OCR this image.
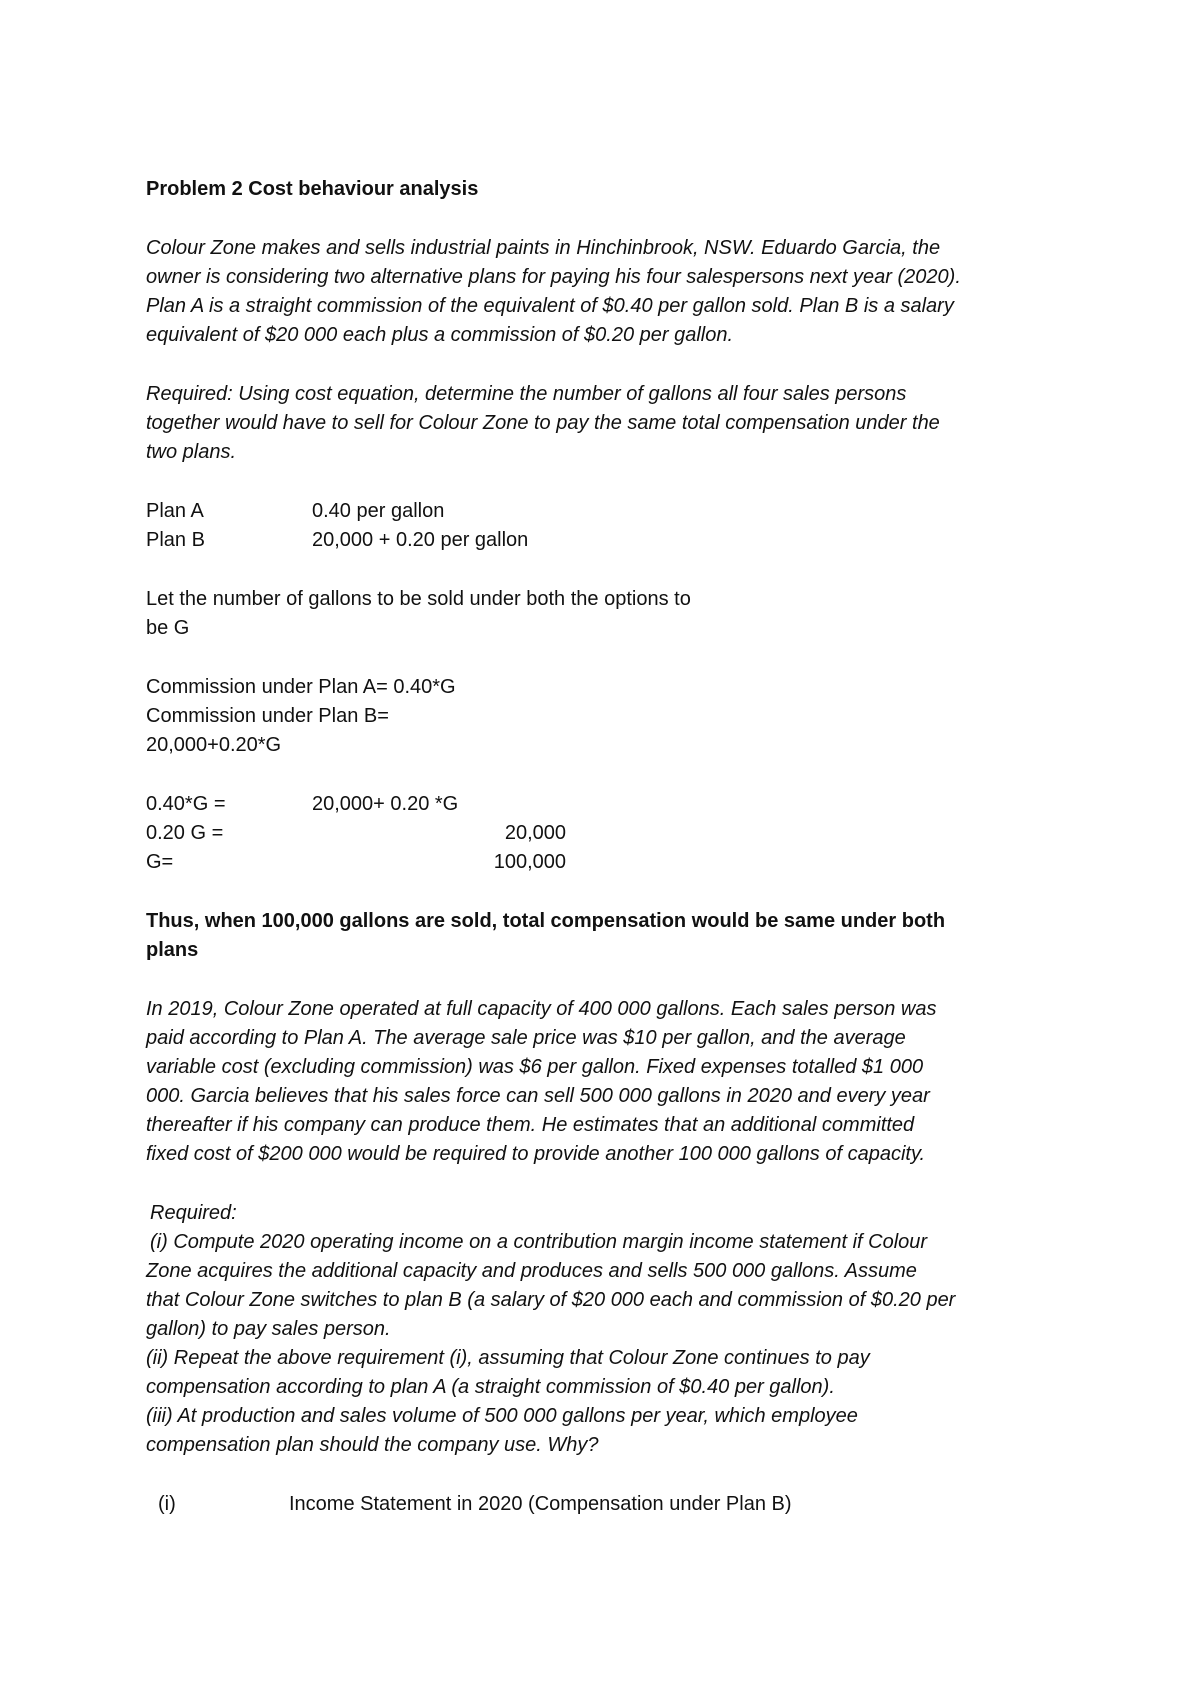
Problem 2 Cost behaviour analysis
Colour Zone makes and sells industrial paints in Hinchinbrook, NSW. Eduardo Garcia, the
owner is considering two alternative plans for paying his four salespersons next year (2020).
Plan A is a straight commission of the equivalent of $0.40 per gallon sold. Plan B is a salary
equivalent of $20 000 each plus a commission of $0.20 per gallon.
Required: Using cost equation, determine the number of gallons all four sales persons
together would have to sell for Colour Zone to pay the same total compensation under the
two plans.
Plan A	0.40 per gallon
Plan B	20,000 + 0.20 per gallon
Let the number of gallons to be sold under both the options to
be G
Commission under Plan A= 0.40*G
Commission under Plan B=
20,000+0.20*G
0.40*G =	20,000+ 0.20 *G
0.20 G =	20,000
G=	100,000
Thus, when 100,000 gallons are sold, total compensation would be same under both
plans
In 2019, Colour Zone operated at full capacity of 400 000 gallons. Each sales person was
paid according to Plan A. The average sale price was $10 per gallon, and the average
variable cost (excluding commission) was $6 per gallon. Fixed expenses totalled $1 000
000. Garcia believes that his sales force can sell 500 000 gallons in 2020 and every year
thereafter if his company can produce them. He estimates that an additional committed
fixed cost of $200 000 would be required to provide another 100 000 gallons of capacity.
Required:
(i) Compute 2020 operating income on a contribution margin income statement if Colour
Zone acquires the additional capacity and produces and sells 500 000 gallons. Assume
that Colour Zone switches to plan B (a salary of $20 000 each and commission of $0.20 per
gallon) to pay sales person.
(ii) Repeat the above requirement (i), assuming that Colour Zone continues to pay
compensation according to plan A (a straight commission of $0.40 per gallon).
(iii) At production and sales volume of 500 000 gallons per year, which employee
compensation plan should the company use. Why?
(i)	Income Statement in 2020 (Compensation under Plan B)
